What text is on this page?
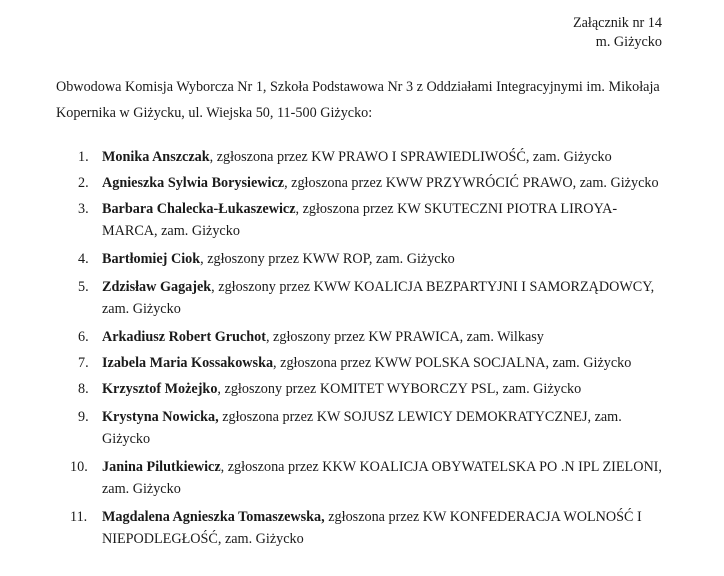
Załącznik nr 14
m. Giżycko
Obwodowa Komisja Wyborcza Nr 1, Szkoła Podstawowa Nr 3 z Oddziałami Integracyjnymi im. Mikołaja Kopernika w Giżycku, ul. Wiejska 50, 11-500 Giżycko:
1. Monika Anszczak, zgłoszona przez KW PRAWO I SPRAWIEDLIWOŚĆ, zam. Giżycko
2. Agnieszka Sylwia Borysiewicz, zgłoszona przez KWW PRZYWRÓCIĆ PRAWO, zam. Giżycko
3. Barbara Chalecka-Łukaszewicz, zgłoszona przez KW SKUTECZNI PIOTRA LIROYA-MARCA, zam. Giżycko
4. Bartłomiej Ciok, zgłoszony przez KWW ROP, zam. Giżycko
5. Zdzisław Gagajek, zgłoszony przez KWW KOALICJA BEZPARTYJNI I SAMORZĄDOWCY, zam. Giżycko
6. Arkadiusz Robert Gruchot, zgłoszony przez KW PRAWICA, zam. Wilkasy
7. Izabela Maria Kossakowska, zgłoszona przez KWW POLSKA SOCJALNA, zam. Giżycko
8. Krzysztof Możejko, zgłoszony przez KOMITET WYBORCZY PSL, zam. Giżycko
9. Krystyna Nowicka, zgłoszona przez KW SOJUSZ LEWICY DEMOKRATYCZNEJ, zam. Giżycko
10.	Janina Pilutkiewicz, zgłoszona przez KKW KOALICJA OBYWATELSKA PO .N IPL ZIELONI, zam. Giżycko
11.	Magdalena Agnieszka Tomaszewska, zgłoszona przez KW KONFEDERACJA WOLNOŚĆ I NIEPODLEGŁOŚĆ, zam. Giżycko
